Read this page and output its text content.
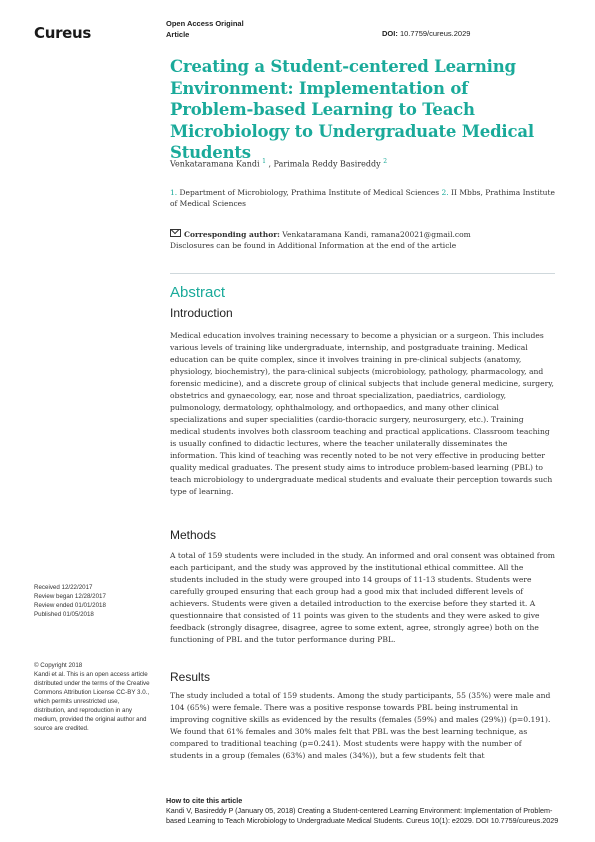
Cureus
Open Access Original
Article	DOI: 10.7759/cureus.2029
Creating a Student-centered Learning Environment: Implementation of Problem-based Learning to Teach Microbiology to Undergraduate Medical Students
Venkataramana Kandi $^1$ , Parimala Reddy Basireddy $^2$
1. Department of Microbiology, Prathima Institute of Medical Sciences 2. II Mbbs, Prathima Institute of Medical Sciences
Corresponding author: Venkataramana Kandi, ramana20021@gmail.com
Disclosures can be found in Additional Information at the end of the article
Abstract
Introduction
Medical education involves training necessary to become a physician or a surgeon. This includes various levels of training like undergraduate, internship, and postgraduate training. Medical education can be quite complex, since it involves training in pre-clinical subjects (anatomy, physiology, biochemistry), the para-clinical subjects (microbiology, pathology, pharmacology, and forensic medicine), and a discrete group of clinical subjects that include general medicine, surgery, obstetrics and gynaecology, ear, nose and throat specialization, paediatrics, cardiology, pulmonology, dermatology, ophthalmology, and orthopaedics, and many other clinical specializations and super specialities (cardio-thoracic surgery, neurosurgery, etc.). Training medical students involves both classroom teaching and practical applications. Classroom teaching is usually confined to didactic lectures, where the teacher unilaterally disseminates the information. This kind of teaching was recently noted to be not very effective in producing better quality medical graduates. The present study aims to introduce problem-based learning (PBL) to teach microbiology to undergraduate medical students and evaluate their perception towards such type of learning.
Methods
A total of 159 students were included in the study. An informed and oral consent was obtained from each participant, and the study was approved by the institutional ethical committee. All the students included in the study were grouped into 14 groups of 11-13 students. Students were carefully grouped ensuring that each group had a good mix that included different levels of achievers. Students were given a detailed introduction to the exercise before they started it. A questionnaire that consisted of 11 points was given to the students and they were asked to give feedback (strongly disagree, disagree, agree to some extent, agree, strongly agree) both on the functioning of PBL and the tutor performance during PBL.
Results
The study included a total of 159 students. Among the study participants, 55 (35%) were male and 104 (65%) were female. There was a positive response towards PBL being instrumental in improving cognitive skills as evidenced by the results (females (59%) and males (29%)) (p=0.191). We found that 61% females and 30% males felt that PBL was the best learning technique, as compared to traditional teaching (p=0.241). Most students were happy with the number of students in a group (females (63%) and males (34%)), but a few students felt that
Received 12/22/2017
Review began 12/28/2017
Review ended 01/01/2018
Published 01/05/2018
© Copyright 2018
Kandi et al. This is an open access article distributed under the terms of the Creative Commons Attribution License CC-BY 3.0., which permits unrestricted use, distribution, and reproduction in any medium, provided the original author and source are credited.
How to cite this article
Kandi V, Basireddy P (January 05, 2018) Creating a Student-centered Learning Environment: Implementation of Problem-based Learning to Teach Microbiology to Undergraduate Medical Students. Cureus 10(1): e2029. DOI 10.7759/cureus.2029
